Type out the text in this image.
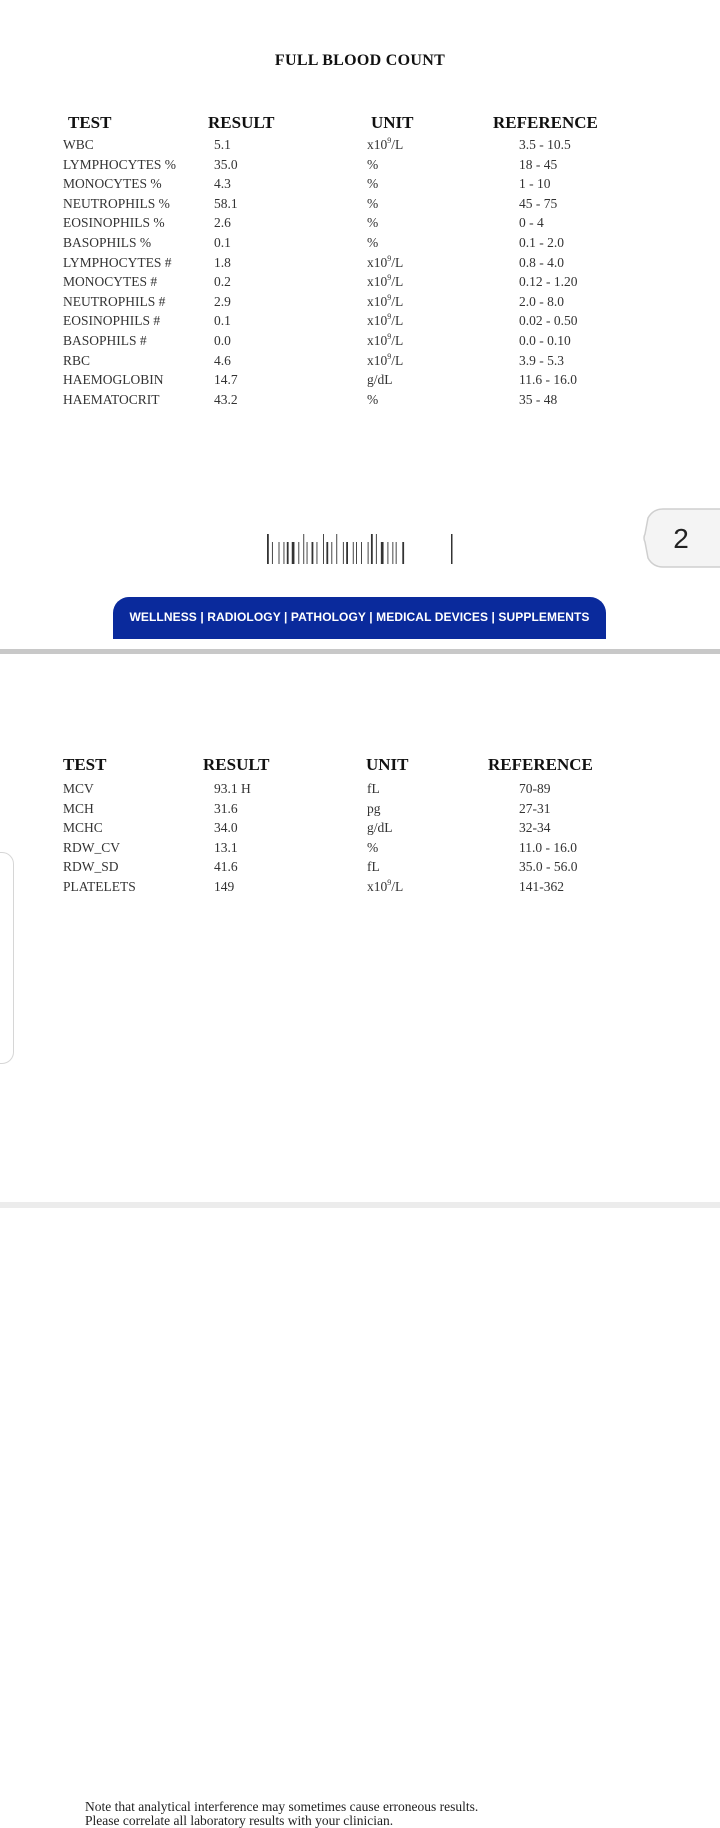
FULL BLOOD COUNT
TEST	RESULT	UNIT	REFERENCE
WBC	5.1	$x10^9/L$	3.5 - 10.5
LYMPHOCYTES %	35.0	%	18 - 45
MONOCYTES %	4.3	%	1 - 10
NEUTROPHILS %	58.1	%	45 - 75
EOSINOPHILS %	2.6	%	0 - 4
BASOPHILS %	0.1	%	0.1 - 2.0
LYMPHOCYTES #	1.8	$x10^9/L$	0.8 - 4.0
MONOCYTES #	0.2	$x10^9/L$	0.12 - 1.20
NEUTROPHILS #	2.9	$x10^9/L$	2.0 - 8.0
EOSINOPHILS #	0.1	$x10^9/L$	0.02 - 0.50
BASOPHILS #	0.0	$x10^9/L$	0.0 - 0.10
RBC	4.6	$x10^9/L$	3.9 - 5.3
HAEMOGLOBIN	14.7	g/dL	11.6 - 16.0
HAEMATOCRIT	43.2	%	35 - 48
WELLNESS | RADIOLOGY | PATHOLOGY | MEDICAL DEVICES | SUPPLEMENTS
2
TEST	RESULT	UNIT	REFERENCE
MCV	93.1 H	fL	70-89
MCH	31.6	pg	27-31
MCHC	34.0	g/dL	32-34
RDW_CV	13.1	%	11.0 - 16.0
RDW_SD	41.6	fL	35.0 - 56.0
PLATELETS	149	$x10^9/L$	141-362
Note that analytical interference may sometimes cause erroneous results.
Please correlate all laboratory results with your clinician.
